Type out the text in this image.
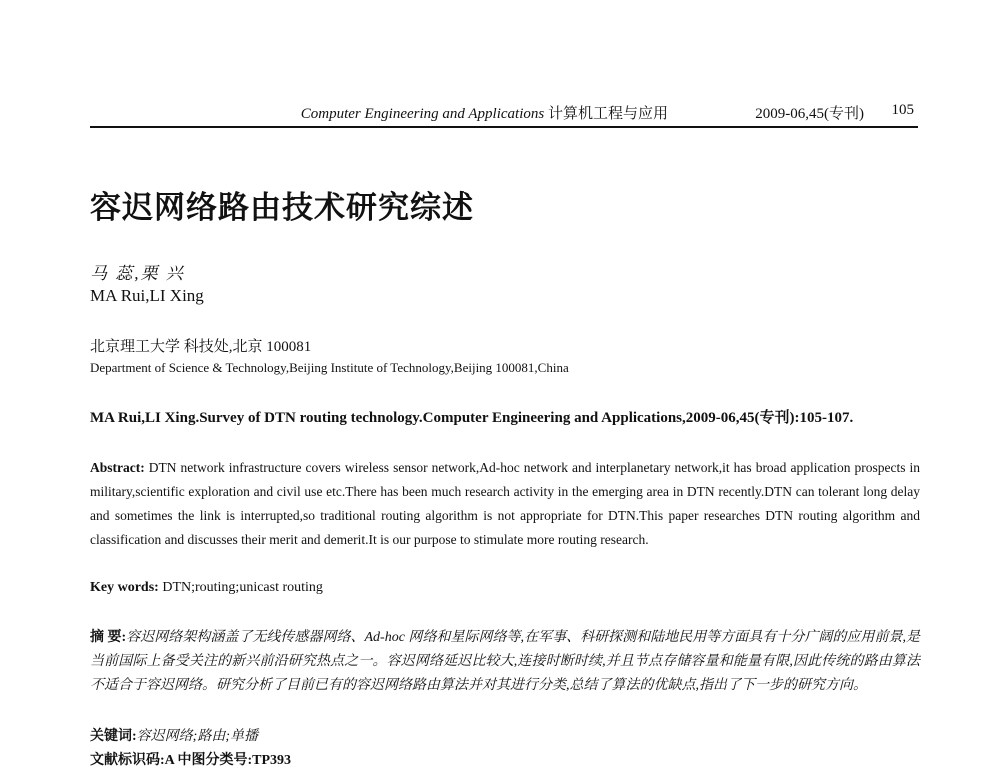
Computer Engineering and Applications 计算机工程与应用	2009-06,45(专刊) 105
容迟网络路由技术研究综述
马 蕊,栗 兴
MA Rui,LI Xing
北京理工大学 科技处,北京 100081
Department of Science & Technology,Beijing Institute of Technology,Beijing 100081,China
MA Rui,LI Xing.Survey of DTN routing technology.Computer Engineering and Applications,2009-06,45(专刊):105-107.
Abstract: DTN network infrastructure covers wireless sensor network,Ad-hoc network and interplanetary network,it has broad application prospects in military,scientific exploration and civil use etc.There has been much research activity in the emerging area in DTN recently.DTN can tolerant long delay and sometimes the link is interrupted,so traditional routing algorithm is not appropriate for DTN.This paper researches DTN routing algorithm and classification and discusses their merit and demerit.It is our purpose to stimulate more routing research.
Key words: DTN;routing;unicast routing
摘 要:容迟网络架构涵盖了无线传感器网络、Ad-hoc 网络和星际网络等,在军事、科研探测和陆地民用等方面具有十分广阔的应用前景,是当前国际上备受关注的新兴前沿研究热点之一。容迟网络延迟比较大,连接时断时续,并且节点存储容量和能量有限,因此传统的路由算法不适合于容迟网络。研究分析了目前已有的容迟网络路由算法并对其进行分类,总结了算法的优缺点,指出了下一步的研究方向。
关键词:容迟网络;路由;单播
文献标识码:A 中图分类号:TP393
